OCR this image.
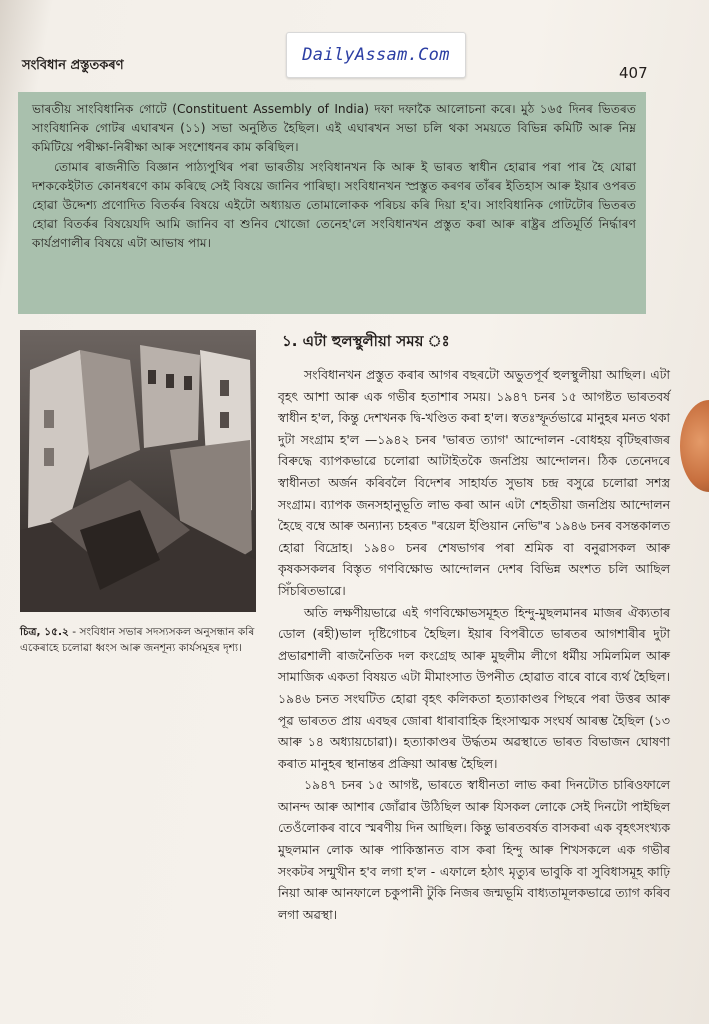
সংবিধান প্ৰস্তুতকৰণ	407
DailyAssam.Com

ভাৰতীয় সাংবিধানিক গোটে (Constituent Assembly of India) দফা দফাকৈ আলোচনা কৰে। মুঠ ১৬৫ দিনৰ ভিতৰত সাংবিধানিক গোটৰ এঘাৰখন (১১) সভা অনুষ্ঠিত হৈছিল। এই এঘাৰখন সভা চলি থকা সময়তে বিভিন্ন কমিটি আৰু নিম্ন কমিটিয়ে পৰীক্ষা-নিৰীক্ষা আৰু সংশোধনৰ কাম কৰিছিল।

তোমাৰ ৰাজনীতি বিজ্ঞান পাঠ্যপুথিৰ পৰা ভাৰতীয় সংবিধানখন কি আৰু ই ভাৰত স্বাধীন হোৱাৰ পৰা পাৰ হৈ যোৱা দশককেইটাত কোনধৰণে কাম কৰিছে সেই বিষয়ে জানিব পাৰিছা। সংবিধানখন স্প্ৰস্তুত কৰণৰ তাঁৰৰ ইতিহাস আৰু ইয়াৰ ওপৰত হোৱা উদ্দেশ্য প্ৰণোদিত বিতৰ্কৰ বিষয়ে এইটো অধ্যায়ত তোমালোকক পৰিচয় কৰি দিয়া হ'ব। সাংবিধানিক গোটটোৰ ভিতৰত হোৱা বিতৰ্কৰ বিষয়েযদি আমি জানিব বা শুনিব খোজো তেনেহ'লে সংবিধানখন প্ৰস্তুত কৰা আৰু ৰাষ্ট্ৰৰ প্ৰতিমূৰ্তি নিৰ্দ্ধাৰণ কাৰ্যপ্ৰণালীৰ বিষয়ে এটা আভাষ পাম।

চিত্ৰ, ১৫.২ - সংবিধান সভাৰ সদস্যসকল অনুসন্ধান কৰি একেৰাহে চলোৱা ধ্বংস আৰু জনশূন্য কাৰ্যসমূহৰ দৃশ্য।
১. এটা হুলস্থুলীয়া সময় ঃ

সংবিধানখন প্ৰস্তুত কৰাৰ আগৰ বছৰটো অভুতপূৰ্ব হুলস্থুলীয়া আছিল। এটা বৃহৎ আশা আৰু এক গভীৰ হতাশাৰ সময়। ১৯৪৭ চনৰ ১৫ আগষ্টত ভাৰতবৰ্ষ স্বাধীন হ'ল, কিন্তু দেশখনক দ্বি-খণ্ডিত কৰা হ'ল। স্বতঃস্ফূৰ্তভাৱে মানুহৰ মনত থকা দুটা সংগ্ৰাম হ'ল —১৯৪২ চনৰ 'ভাৰত ত্যাগ' আন্দোলন -বোধহয় বৃটিছৰাজৰ বিৰুদ্ধে ব্যাপকভাৱে চলোৱা আটাইতকৈ জনপ্ৰিয় আন্দোলন। ঠিক তেনেদৰে স্বাধীনতা অৰ্জন কৰিবলৈ বিদেশৰ সাহাৰ্যত সুভাষ চন্দ্ৰ বসুৱে চলোৱা সশস্ত্ৰ সংগ্ৰাম। ব্যাপক জনসহানুভূতি লাভ কৰা আন এটা শেহতীয়া জনপ্ৰিয় আন্দোলন হৈছে বম্বে আৰু অন্যান্য চহৰত "ৰয়েল ইণ্ডিয়ান নেভি"ৰ ১৯৪৬ চনৰ বসন্তকালত হোৱা বিদ্ৰোহ। ১৯৪০ চনৰ শেষভাগৰ পৰা শ্ৰমিক বা বনুৱাসকল আৰু কৃষকসকলৰ বিস্তৃত গণবিক্ষোভ আন্দোলন দেশৰ বিভিন্ন অংশত চলি আছিল সিঁচৰিতভাৱে।

অতি লক্ষণীয়ভাৱে এই গণবিক্ষোভসমূহত হিন্দু-মুছলমানৰ মাজৰ ঐক্যতাৰ ডোল (ৰহী)ভাল দৃষ্টিগোচৰ হৈছিল। ইয়াৰ বিপৰীতে ভাৰতৰ আগশাৰীৰ দুটা প্ৰভাৱশালী ৰাজনৈতিক দল কংগ্ৰেছ আৰু মুছলীম লীগে ধৰ্মীয় সমিলমিল আৰু সামাজিক একতা বিষয়ত এটা মীমাংসাত উপনীত হোৱাত বাৰে বাৰে ব্যৰ্থ হৈছিল। ১৯৪৬ চনত সংঘটিত হোৱা বৃহৎ কলিকতা হত্যাকাণ্ডৰ পিছৰে পৰা উত্তৰ আৰু পূৱ ভাৰতত প্ৰায় এবছৰ জোৰা ধাৰাবাহিক হিংসাত্মক সংঘৰ্ষ আৰম্ভ হৈছিল (১৩ আৰু ১৪ অধ্যায়চোৱা)। হত্যাকাণ্ডৰ উৰ্দ্ধতম অৱস্থাতে ভাৰত বিভাজন ঘোষণা কৰাত মানুহৰ স্থানান্তৰ প্ৰক্ৰিয়া আৰম্ভ হৈছিল।

১৯৪৭ চনৰ ১৫ আগষ্ট, ভাৰতে স্বাধীনতা লাভ কৰা দিনটোত চাৰিওফালে আনন্দ আৰু আশাৰ জোঁৱাৰ উঠিছিল আৰু যিসকল লোকে সেই দিনটো পাইছিল তেওঁলোকৰ বাবে স্মৰণীয় দিন আছিল। কিন্তু ভাৰতবৰ্ষত বাসকৰা এক বৃহৎসংখ্যক মুছলমান লোক আৰু পাকিস্তানত বাস কৰা হিন্দু আৰু শিখসকলে এক গভীৰ সংকটৰ সন্মুখীন হ'ব লগা হ'ল - এফালে হঠাৎ মৃত্যুৰ ভাবুকি বা সুবিধাসমূহ কাঢ়ি নিয়া আৰু আনফালে চকুপানী টুকি নিজৰ জন্মভূমি বাধ্যতামূলকভাৱে ত্যাগ কৰিব লগা অৱস্থা।
